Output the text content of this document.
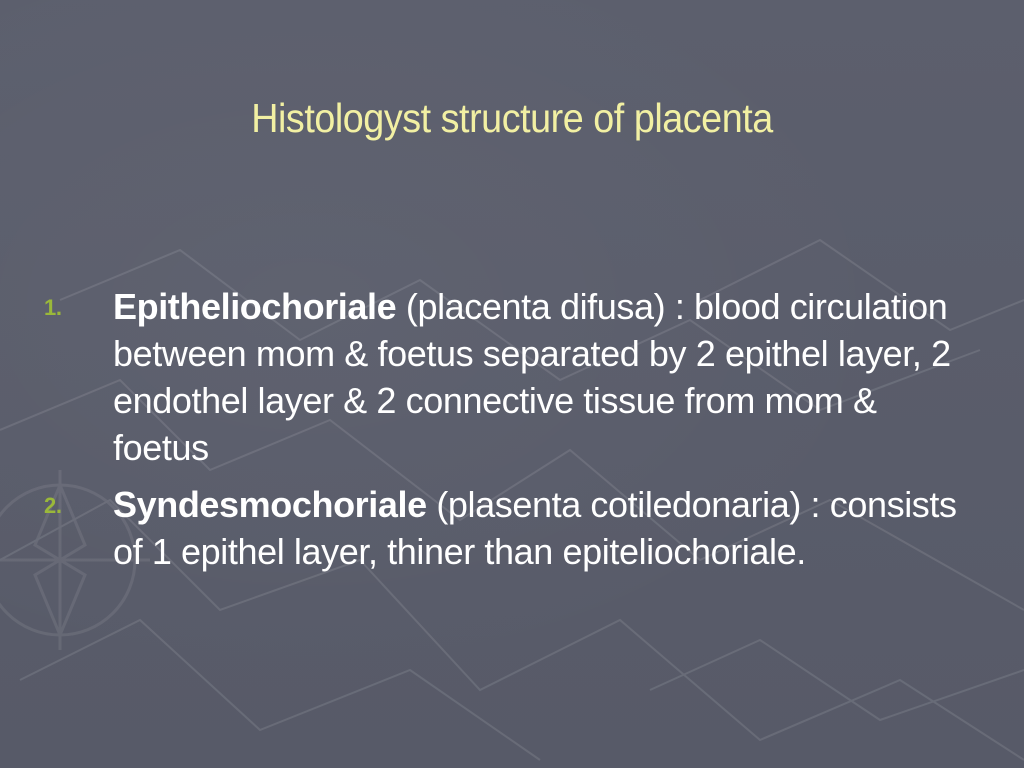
Histologyst structure of placenta
1. Epitheliochoriale (placenta difusa) : blood circulation between mom & foetus separated by 2 epithel layer, 2 endothel layer & 2 connective tissue from mom & foetus
2. Syndesmochoriale (plasenta cotiledonaria) : consists of 1 epithel layer, thiner than epiteliochoriale.
